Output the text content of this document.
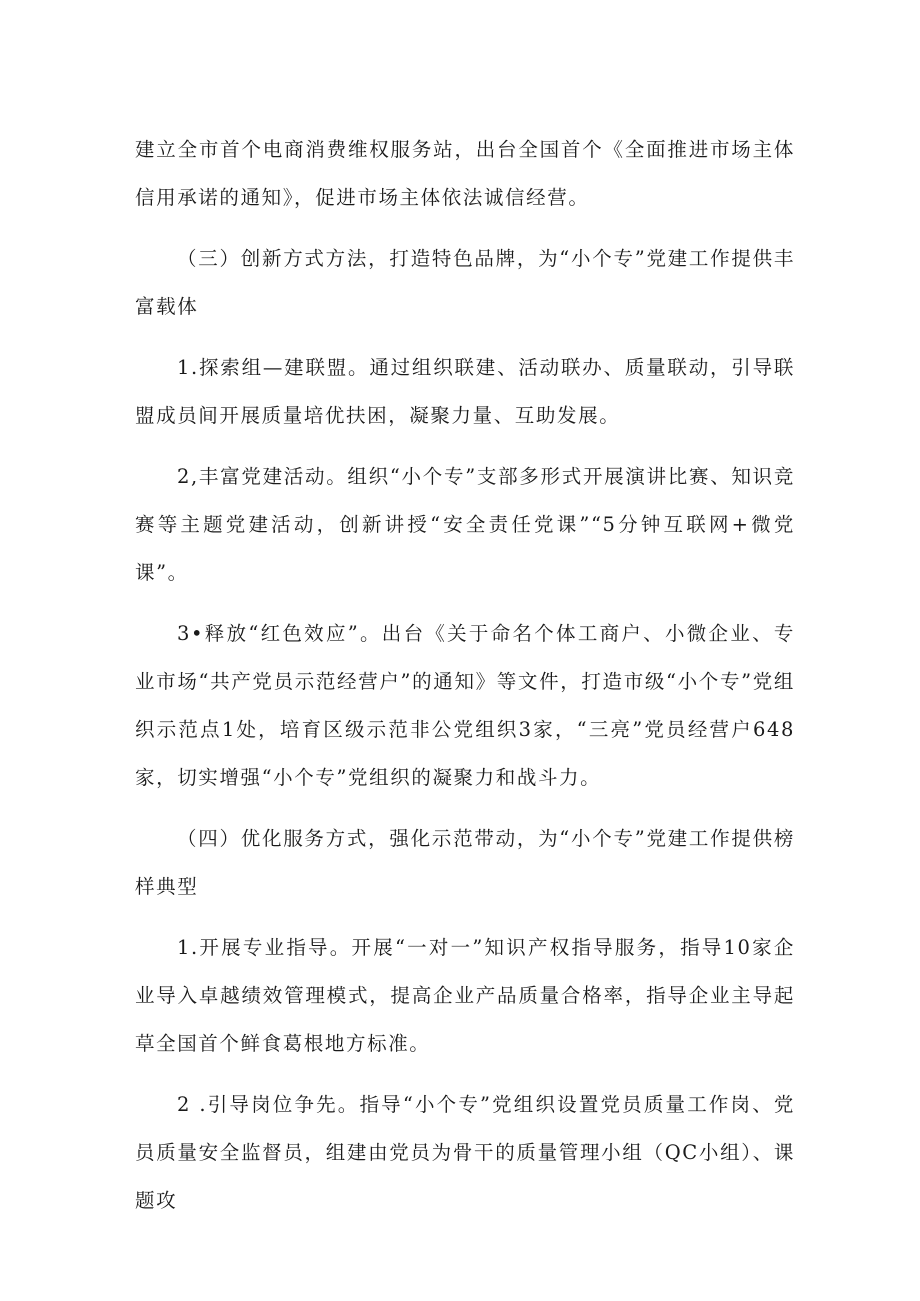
建立全市首个电商消费维权服务站，出台全国首个《全面推进市场主体信用承诺的通知》，促进市场主体依法诚信经营。

（三）创新方式方法，打造特色品牌，为“小个专”党建工作提供丰富载体

1.探索组—建联盟。通过组织联建、活动联办、质量联动，引导联盟成员间开展质量培优扶困，凝聚力量、互助发展。

2,丰富党建活动。组织“小个专”支部多形式开展演讲比赛、知识竞赛等主题党建活动，创新讲授“安全责任党课”“5分钟互联网+微党课”。

3•释放“红色效应”。出台《关于命名个体工商户、小微企业、专业市场“共产党员示范经营户”的通知》等文件，打造市级“小个专”党组织示范点1处，培育区级示范非公党组织3家，“三亮”党员经营户648家，切实增强“小个专”党组织的凝聚力和战斗力。

（四）优化服务方式，强化示范带动，为“小个专”党建工作提供榜样典型

1.开展专业指导。开展“一对一”知识产权指导服务，指导10家企业导入卓越绩效管理模式，提高企业产品质量合格率，指导企业主导起草全国首个鲜食葛根地方标准。

2 .引导岗位争先。指导“小个专”党组织设置党员质量工作岗、党员质量安全监督员，组建由党员为骨干的质量管理小组（QC小组）、课题攻
